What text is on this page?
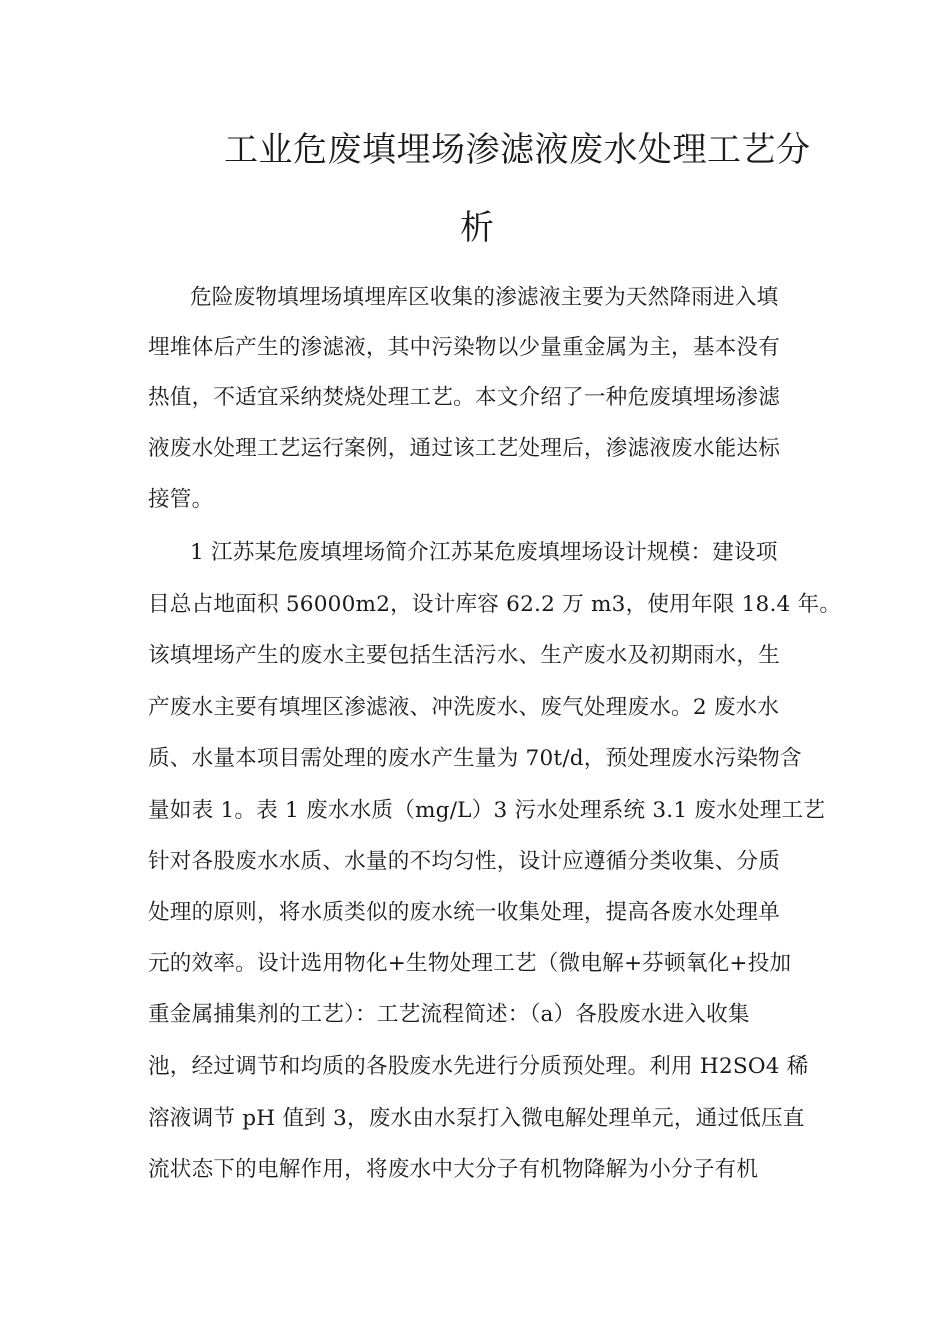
工业危废填埋场渗滤液废水处理工艺分
析
危险废物填埋场填埋库区收集的渗滤液主要为天然降雨进入填
埋堆体后产生的渗滤液，其中污染物以少量重金属为主，基本没有
热值，不适宜采纳焚烧处理工艺。本文介绍了一种危废填埋场渗滤
液废水处理工艺运行案例，通过该工艺处理后，渗滤液废水能达标
接管。
1 江苏某危废填埋场简介江苏某危废填埋场设计规模：建设项
目总占地面积 56000m2，设计库容 62.2 万 m3，使用年限 18.4 年。
该填埋场产生的废水主要包括生活污水、生产废水及初期雨水，生
产废水主要有填埋区渗滤液、冲洗废水、废气处理废水。2 废水水
质、水量本项目需处理的废水产生量为 70t/d，预处理废水污染物含
量如表 1。表 1 废水水质（mg/L）3 污水处理系统 3.1 废水处理工艺
针对各股废水水质、水量的不均匀性，设计应遵循分类收集、分质
处理的原则，将水质类似的废水统一收集处理，提高各废水处理单
元的效率。设计选用物化+生物处理工艺（微电解+芬顿氧化+投加
重金属捕集剂的工艺）：工艺流程简述：（a）各股废水进入收集
池，经过调节和均质的各股废水先进行分质预处理。利用 H2SO4 稀
溶液调节 pH 值到 3，废水由水泵打入微电解处理单元，通过低压直
流状态下的电解作用，将废水中大分子有机物降解为小分子有机
